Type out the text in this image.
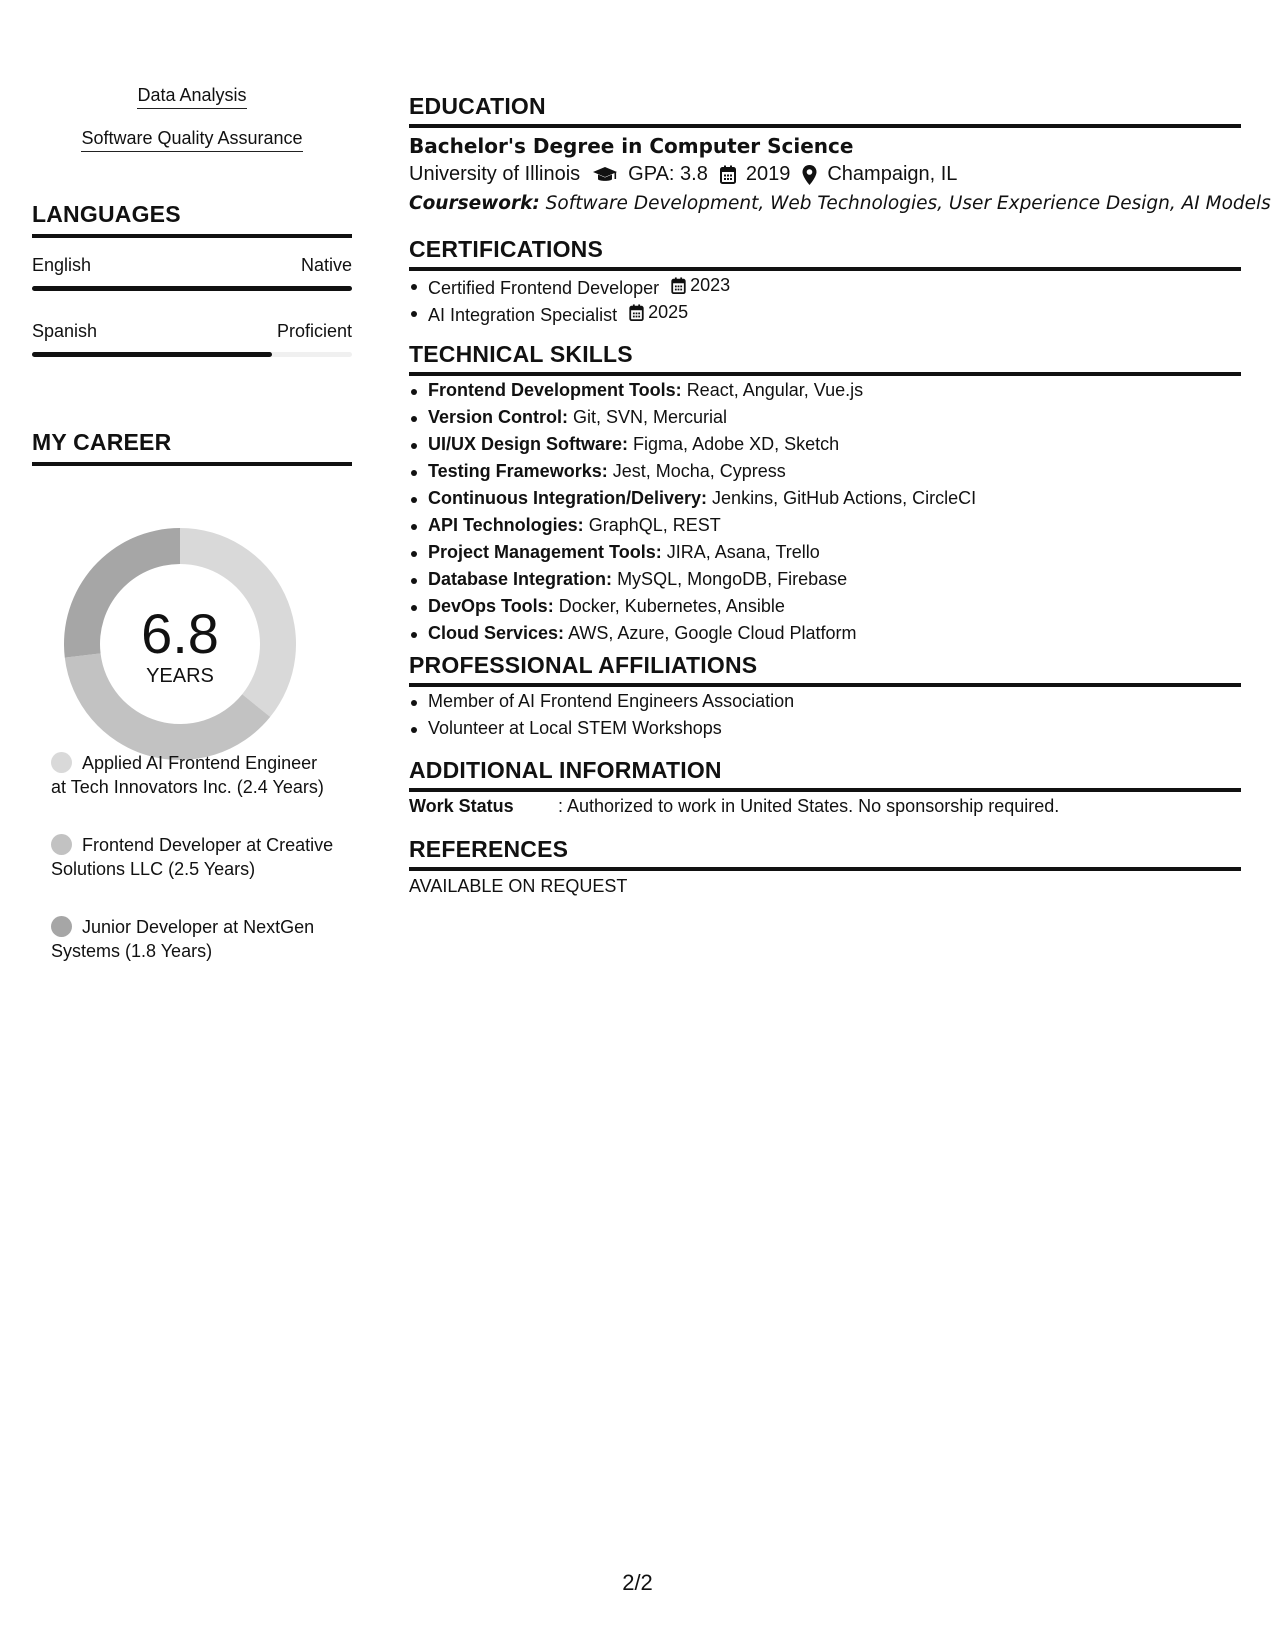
Data Analysis
Software Quality Assurance
LANGUAGES
English	Native
Spanish	Proficient
MY CAREER
6.8
YEARS
Applied AI Frontend Engineer at Tech Innovators Inc. (2.4 Years)
Frontend Developer at Creative Solutions LLC (2.5 Years)
Junior Developer at NextGen Systems (1.8 Years)
EDUCATION
Bachelor's Degree in Computer Science
University of Illinois GPA: 3.8 2019 Champaign, IL
Coursework: Software Development, Web Technologies, User Experience Design, AI Models
CERTIFICATIONS
Certified Frontend Developer 2023
AI Integration Specialist 2025
TECHNICAL SKILLS
Frontend Development Tools: React, Angular, Vue.js
Version Control: Git, SVN, Mercurial
UI/UX Design Software: Figma, Adobe XD, Sketch
Testing Frameworks: Jest, Mocha, Cypress
Continuous Integration/Delivery: Jenkins, GitHub Actions, CircleCI
API Technologies: GraphQL, REST
Project Management Tools: JIRA, Asana, Trello
Database Integration: MySQL, MongoDB, Firebase
DevOps Tools: Docker, Kubernetes, Ansible
Cloud Services: AWS, Azure, Google Cloud Platform
PROFESSIONAL AFFILIATIONS
Member of AI Frontend Engineers Association
Volunteer at Local STEM Workshops
ADDITIONAL INFORMATION
Work Status	: Authorized to work in United States. No sponsorship required.
REFERENCES
AVAILABLE ON REQUEST
2/2
